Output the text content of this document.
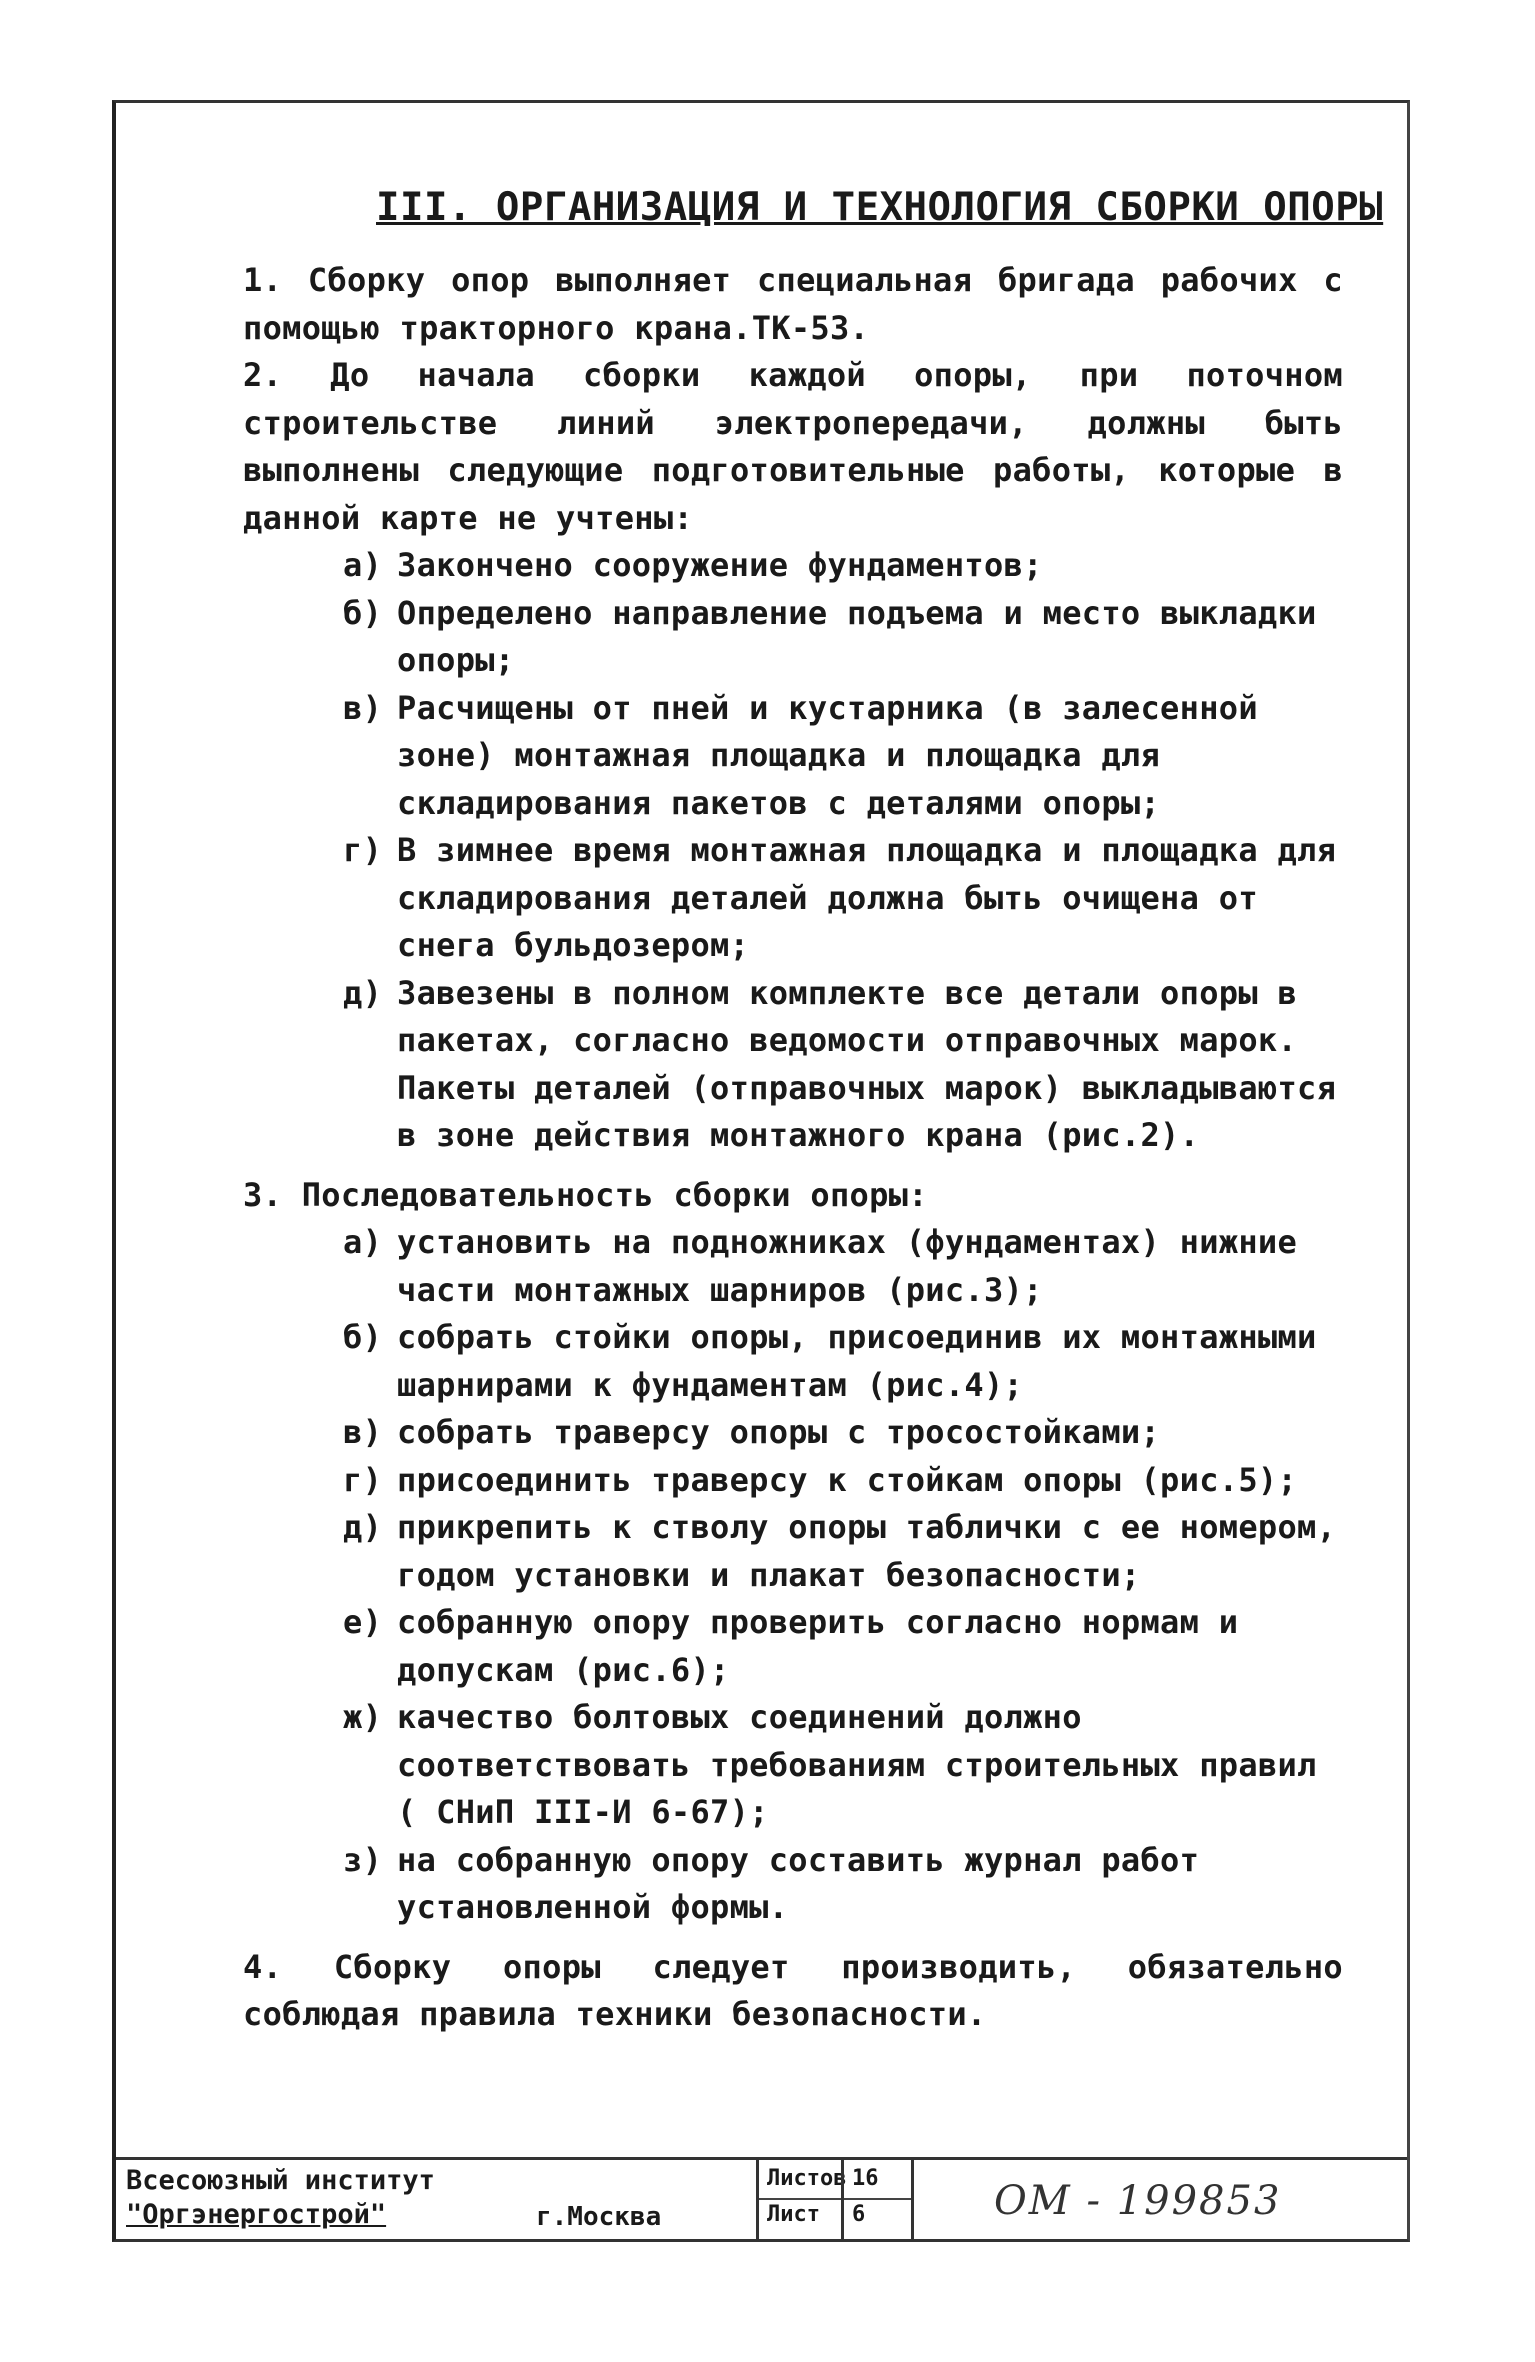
III. ОРГАНИЗАЦИЯ И ТЕХНОЛОГИЯ СБОРКИ ОПОРЫ

1. Сборку опор выполняет специальная бригада рабочих с помощью тракторного крана.ТК-53.

2. До начала сборки каждой опоры, при поточном строительстве линий электропередачи, должны быть выполнены следующие подготовительные работы, которые в данной карте не учтены:

а) Закончено сооружение фундаментов;
б) Определено направление подъема и место выкладки опоры;
в) Расчищены от пней и кустарника (в залесенной зоне) монтажная площадка и площадка для складирования пакетов с деталями опоры;
г) В зимнее время монтажная площадка и площадка для складирования деталей должна быть очищена от снега бульдозером;
д) Завезены в полном комплекте все детали опоры в пакетах, согласно ведомости отправочных марок. Пакеты деталей (отправочных марок) выкладываются в зоне действия монтажного крана (рис.2).

3. Последовательность сборки опоры:

а) установить на подножниках (фундаментах) нижние части монтажных шарниров (рис.3);
б) собрать стойки опоры, присоединив их монтажными шарнирами к фундаментам (рис.4);
в) собрать траверсу опоры с тросостойками;
г) присоединить траверсу к стойкам опоры (рис.5);
д) прикрепить к стволу опоры таблички с ее номером, годом установки и плакат безопасности;
е) собранную опору проверить согласно нормам и допускам (рис.6);
ж) качество болтовых соединений должно соответствовать требованиям строительных правил ( СНиП III-И 6-67);
з) на собранную опору составить журнал работ установленной формы.

4. Сборку опоры следует производить, обязательно соблюдая правила техники безопасности.

Всесоюзный институт
"Оргэнергострой"	г.Москва
Листов
Лист
16
6	ОМ - 199853
